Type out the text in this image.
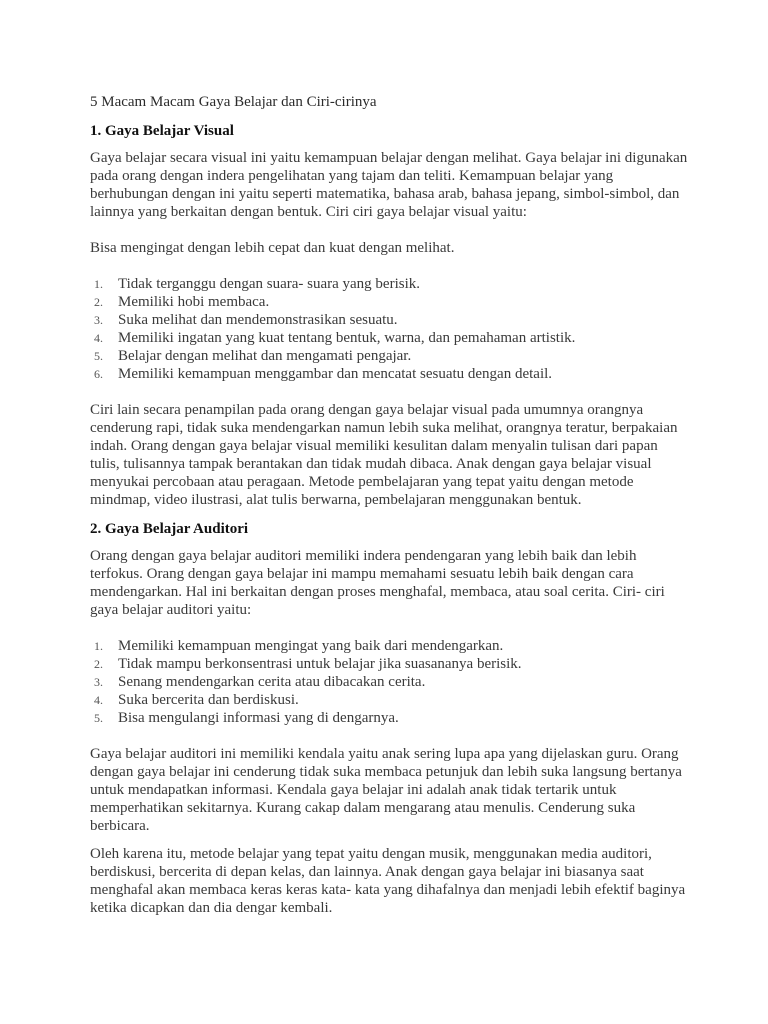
5 Macam Macam Gaya Belajar dan Ciri-cirinya
1. Gaya Belajar Visual

Gaya belajar secara visual ini yaitu kemampuan belajar dengan melihat. Gaya belajar ini digunakan pada orang dengan indera pengelihatan yang tajam dan teliti. Kemampuan belajar yang berhubungan dengan ini yaitu seperti matematika, bahasa arab, bahasa jepang, simbol-simbol, dan lainnya yang berkaitan dengan bentuk. Ciri ciri gaya belajar visual yaitu:

Bisa mengingat dengan lebih cepat dan kuat dengan melihat.

1. Tidak terganggu dengan suara- suara yang berisik.
2. Memiliki hobi membaca.
3. Suka melihat dan mendemonstrasikan sesuatu.
4. Memiliki ingatan yang kuat tentang bentuk, warna, dan pemahaman artistik.
5. Belajar dengan melihat dan mengamati pengajar.
6. Memiliki kemampuan menggambar dan mencatat sesuatu dengan detail.

Ciri lain secara penampilan pada orang dengan gaya belajar visual pada umumnya orangnya cenderung rapi, tidak suka mendengarkan namun lebih suka melihat, orangnya teratur, berpakaian indah. Orang dengan gaya belajar visual memiliki kesulitan dalam menyalin tulisan dari papan tulis, tulisannya tampak berantakan dan tidak mudah dibaca. Anak dengan gaya belajar visual menyukai percobaan atau peragaan. Metode pembelajaran yang tepat yaitu dengan metode mindmap, video ilustrasi, alat tulis berwarna, pembelajaran menggunakan bentuk.

2. Gaya Belajar Auditori

Orang dengan gaya belajar auditori memiliki indera pendengaran yang lebih baik dan lebih terfokus. Orang dengan gaya belajar ini mampu memahami sesuatu lebih baik dengan cara mendengarkan. Hal ini berkaitan dengan proses menghafal, membaca, atau soal cerita. Ciri- ciri gaya belajar auditori yaitu:

1. Memiliki kemampuan mengingat yang baik dari mendengarkan.
2. Tidak mampu berkonsentrasi untuk belajar jika suasananya berisik.
3. Senang mendengarkan cerita atau dibacakan cerita.
4. Suka bercerita dan berdiskusi.
5. Bisa mengulangi informasi yang di dengarnya.

Gaya belajar auditori ini memiliki kendala yaitu anak sering lupa apa yang dijelaskan guru. Orang dengan gaya belajar ini cenderung tidak suka membaca petunjuk dan lebih suka langsung bertanya untuk mendapatkan informasi. Kendala gaya belajar ini adalah anak tidak tertarik untuk memperhatikan sekitarnya. Kurang cakap dalam mengarang atau menulis. Cenderung suka berbicara.

Oleh karena itu, metode belajar yang tepat yaitu dengan musik, menggunakan media auditori, berdiskusi, bercerita di depan kelas, dan lainnya. Anak dengan gaya belajar ini biasanya saat menghafal akan membaca keras keras kata- kata yang dihafalnya dan menjadi lebih efektif baginya ketika dicapkan dan dia dengar kembali.
